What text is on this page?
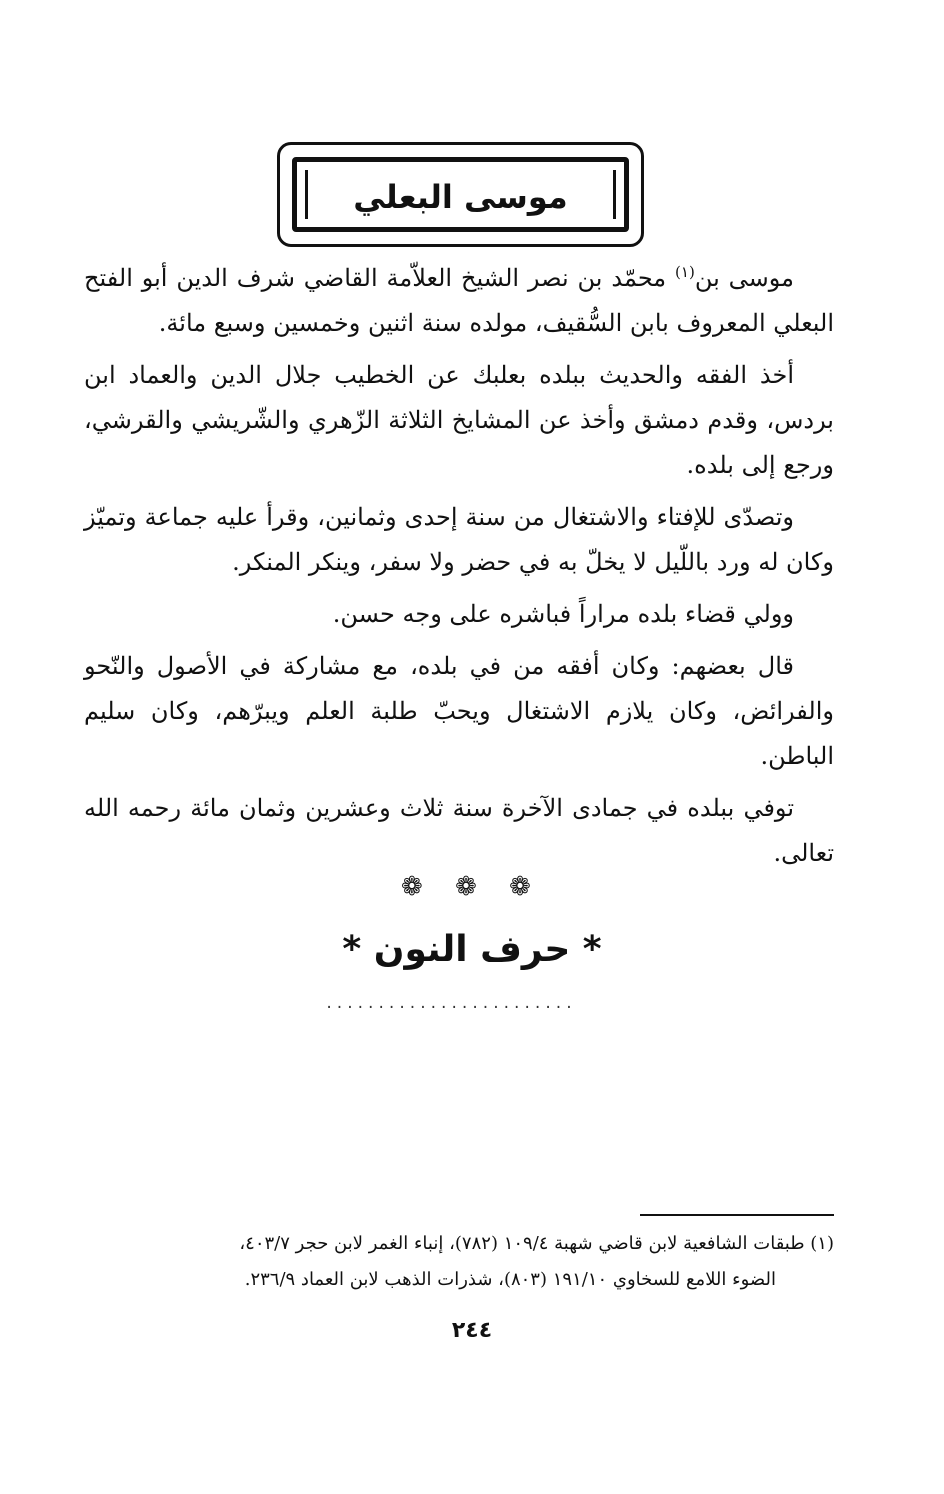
موسى البعلي

موسى بن$^{(١)}$ محمّد بن نصر الشيخ العلاّمة القاضي شرف الدين أبو الفتح البعلي المعروف بابن السُّقيف، مولده سنة اثنين وخمسين وسبع مائة.

أخذ الفقه والحديث ببلده بعلبك عن الخطيب جلال الدين والعماد ابن بردس، وقدم دمشق وأخذ عن المشايخ الثلاثة الزّهري والشّريشي والقرشي، ورجع إلى بلده.

وتصدّى للإفتاء والاشتغال من سنة إحدى وثمانين، وقرأ عليه جماعة وتميّز وكان له ورد باللّيل لا يخلّ به في حضر ولا سفر، وينكر المنكر.

وولي قضاء بلده مراراً فباشره على وجه حسن.

قال بعضهم: وكان أفقه من في بلده، مع مشاركة في الأصول والنّحو والفرائض، وكان يلازم الاشتغال ويحبّ طلبة العلم ويبرّهم، وكان سليم الباطن.

توفي ببلده في جمادى الآخرة سنة ثلاث وعشرين وثمان مائة رحمه الله تعالى.

❁ ❁ ❁
* حرف النون *
........................
(١) طبقات الشافعية لابن قاضي شهبة ١٠٩/٤ (٧٨٢)، إنباء الغمر لابن حجر ٤٠٣/٧،
الضوء اللامع للسخاوي ١٩١/١٠ (٨٠٣)، شذرات الذهب لابن العماد ٢٣٦/٩.
٢٤٤
